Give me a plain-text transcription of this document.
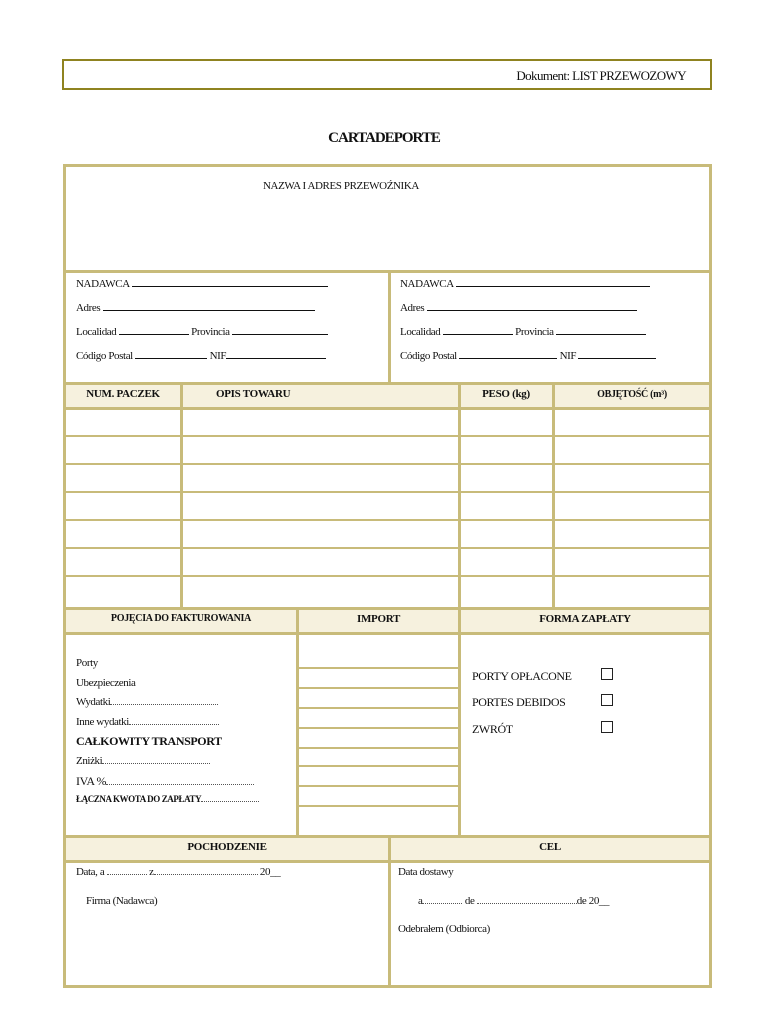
Dokument: LIST PRZEWOZOWY
CARTADEPORTE
NAZWA I ADRES PRZEWOŹNIKA
NADAWCA
Adres
Localidad	Provincia
Código Postal	NIF
NADAWCA
Adres
Localidad	Provincia
Código Postal	NIF
NUM. PACZEK	OPIS TOWARU	PESO (kg)	OBJĘTOŚĆ (m³)
POJĘCIA DO FAKTUROWANIA	IMPORT	FORMA ZAPŁATY
Porty
Ubezpieczenia
Wydatki
Inne wydatki
CAŁKOWITY TRANSPORT
Zniżki
IVA %
ŁĄCZNA KWOTA DO ZAPŁATY
PORTY OPŁACONE
PORTES DEBIDOS
ZWRÓT
POCHODZENIE	CEL
Data, a	z	20__
Firma (Nadawca)
Data dostawy
a	de	de 20__
Odebrałem (Odbiorca)
